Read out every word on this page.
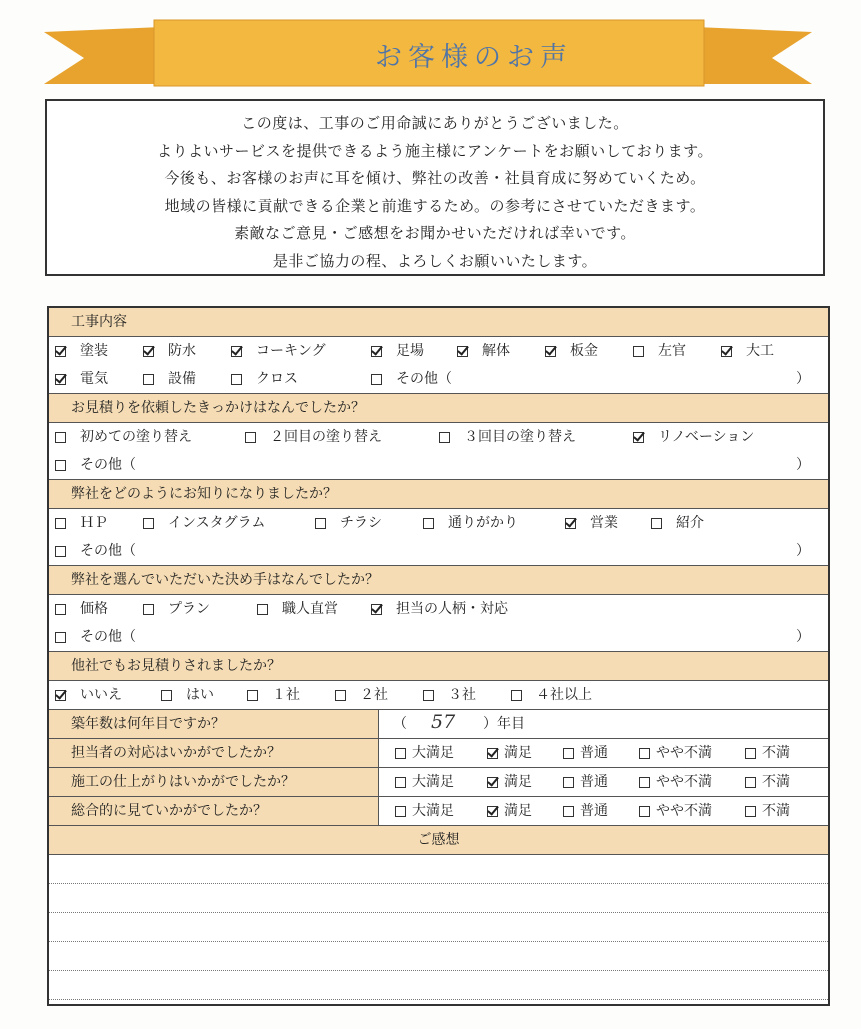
お客様のお声
この度は、工事のご用命誠にありがとうございました。
よりよいサービスを提供できるよう施主様にアンケートをお願いしております。
今後も、お客様のお声に耳を傾け、弊社の改善・社員育成に努めていくため。
地域の皆様に貢献できる企業と前進するため。の参考にさせていただきます。
素敵なご意見・ご感想をお聞かせいただければ幸いです。
是非ご協力の程、よろしくお願いいたします。
工事内容
塗装	防水	コーキング	足場	解体	板金	左官	大工
電気	設備	クロス	その他（	）
お見積りを依頼したきっかけはなんでしたか？
初めての塗り替え	２回目の塗り替え	３回目の塗り替え	リノベーション
その他（	）
弊社をどのようにお知りになりましたか？
ＨＰ	インスタグラム	チラシ	通りがかり	営業	紹介
その他（	）
弊社を選んでいただいた決め手はなんでしたか？
価格	プラン	職人直営	担当の人柄・対応
その他（	）
他社でもお見積りされましたか？
いいえ	はい	１社	２社	３社	４社以上
築年数は何年目ですか？	（ 57 ）年目
担当者の対応はいかがでしたか？	大満足	満足	普通	やや不満	不満
施工の仕上がりはいかがでしたか？	大満足	満足	普通	やや不満	不満
総合的に見ていかがでしたか？	大満足	満足	普通	やや不満	不満
ご感想
